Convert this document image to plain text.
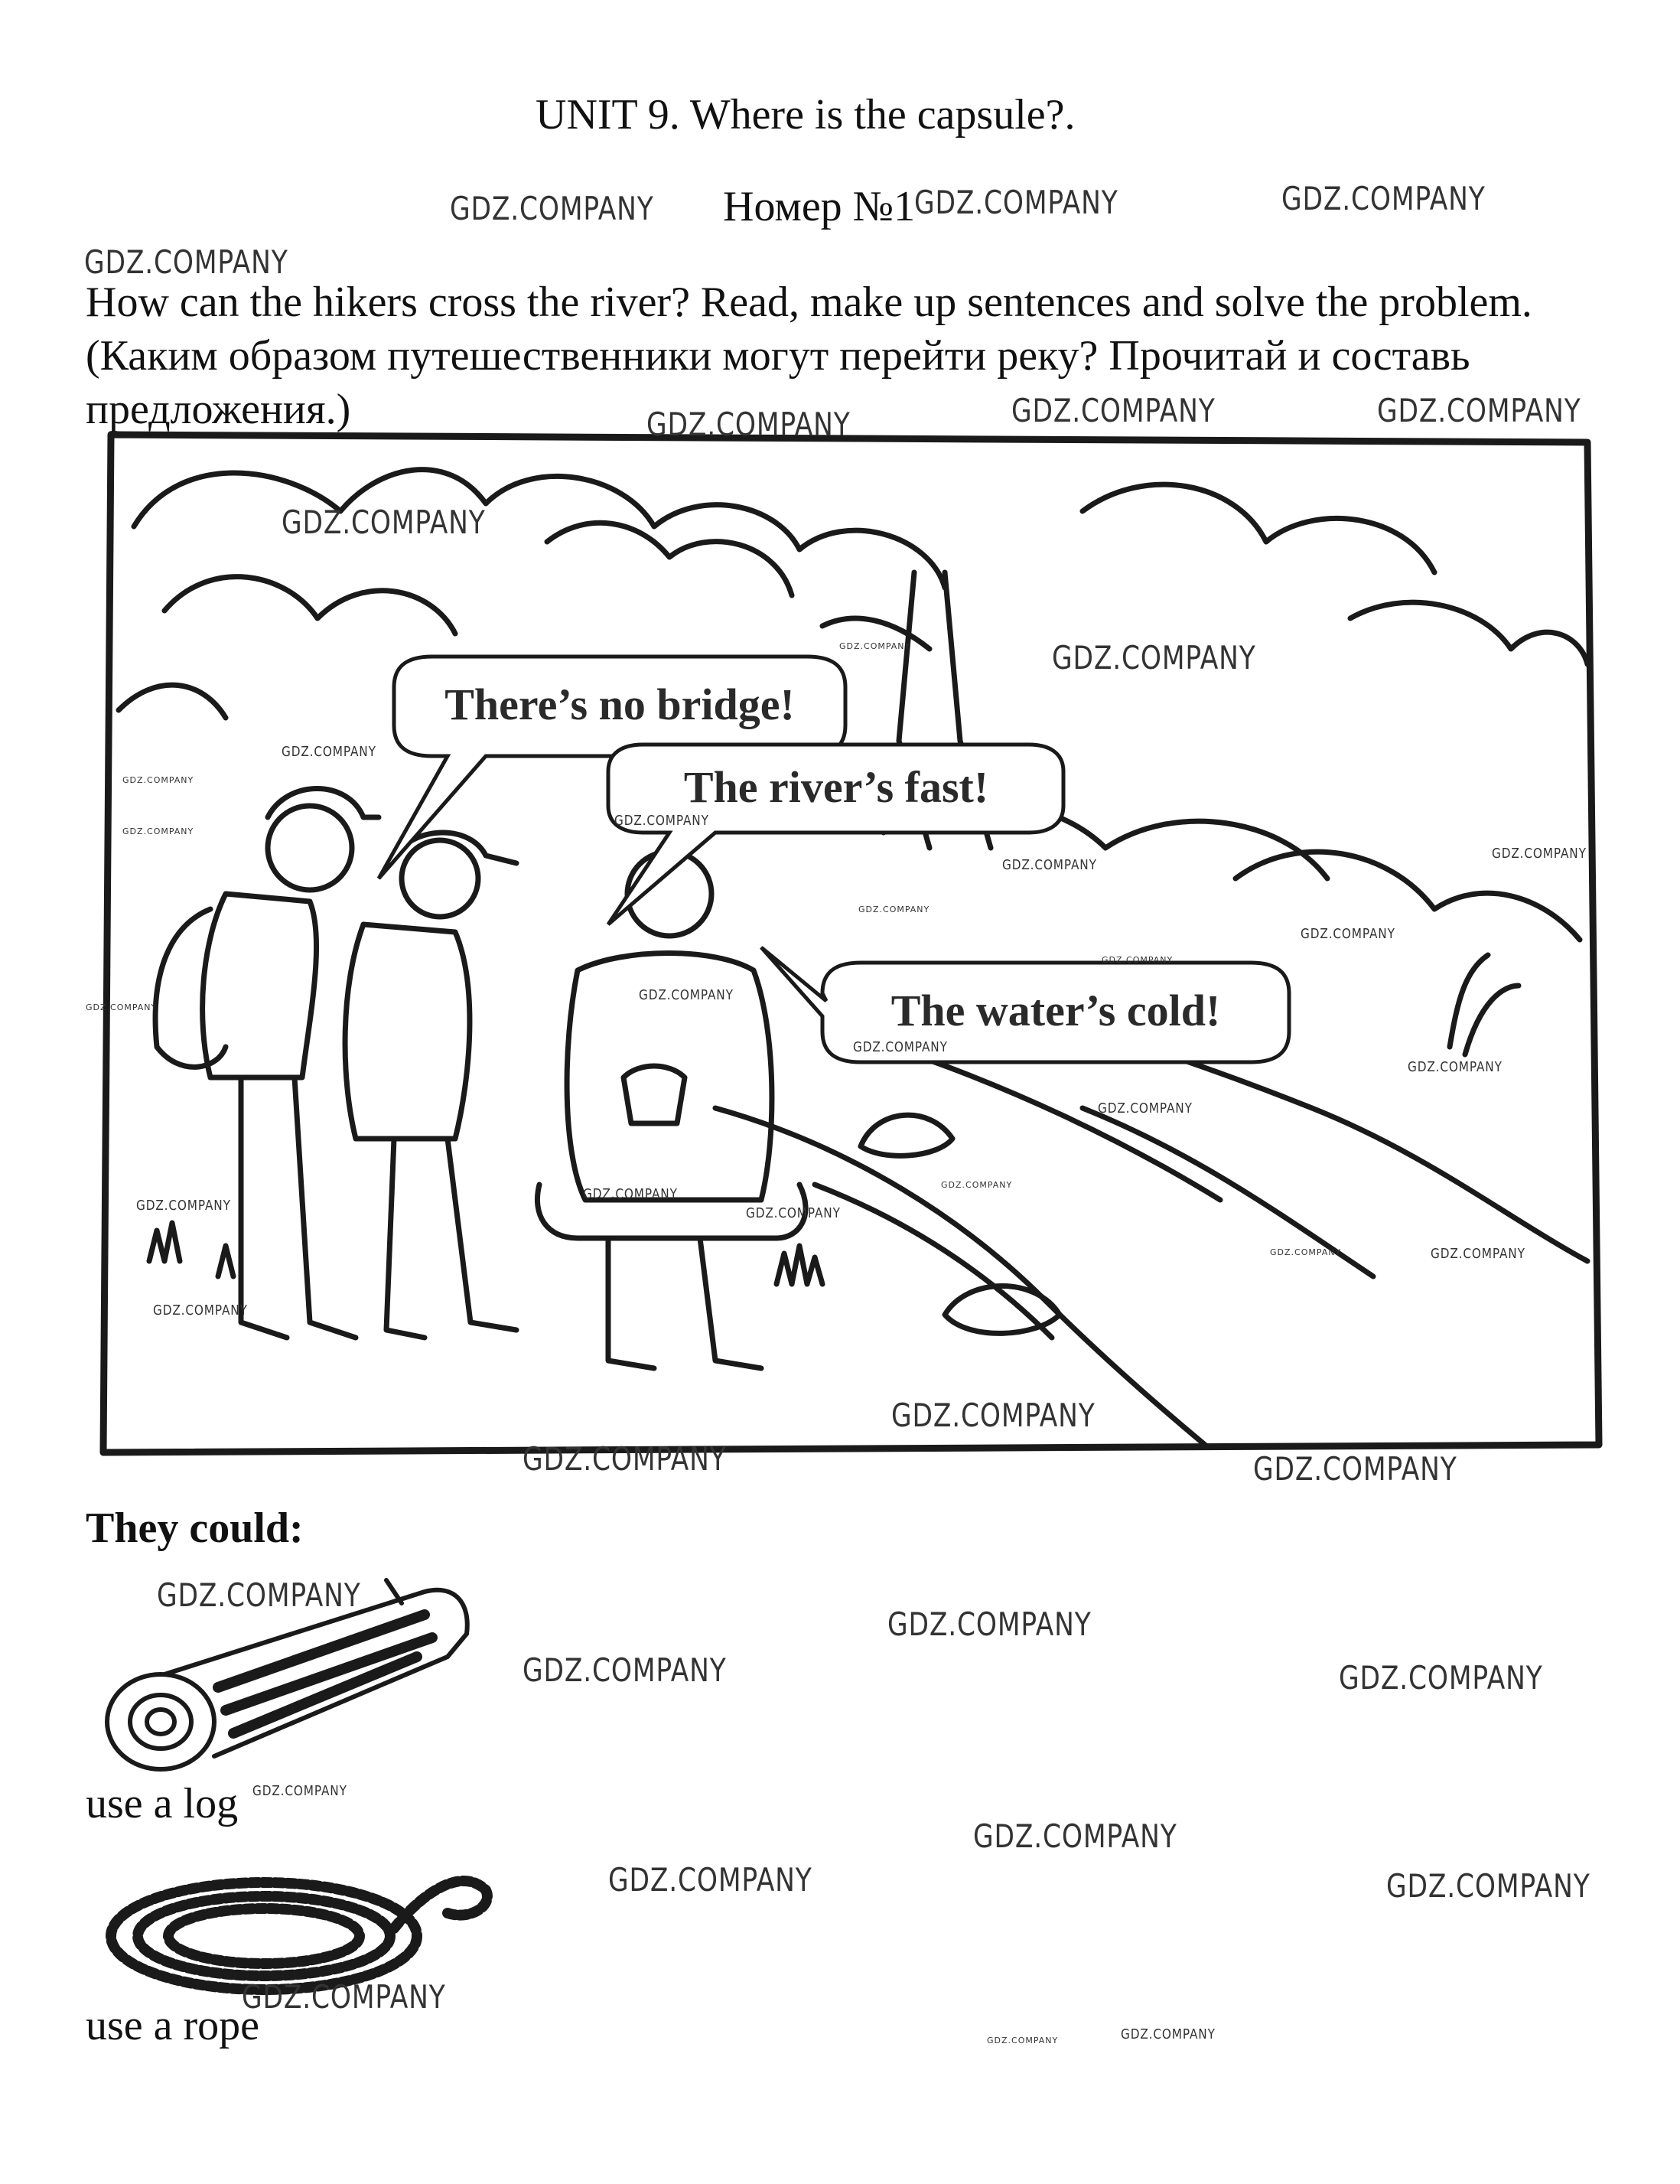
UNIT 9. Where is the capsule?.
Номер №1
How can the hikers cross the river? Read, make up sentences and solve the problem. (Каким образом путешественники могут перейти реку? Прочитай и составь предложения.)
There’s no bridge!
The river’s fast!
The water’s cold!
They could:
use a log
use a rope
GDZ.COMPANY	GDZ.COMPANY	GDZ.COMPANY
GDZ.COMPANY
GDZ.COMPANY	GDZ.COMPANY	GDZ.COMPANY
GDZ.COMPANY
GDZ.COMPANY
GDZ.COMPANY
GDZ.COMPANY	GDZ.COMPANY
GDZ.COMPANY
GDZ.COMPANY
GDZ.COMPANY	GDZ.COMPANY
GDZ.COMPANY
GDZ.COMPANY	GDZ.COMPANY
GDZ.COMPANY
GDZ.COMPANY
GDZ.COMPANY
GDZ.COMPANY
GDZ.COMPANY
GDZ.COMPANY
GDZ.COMPANY
GDZ.COMPANY
GDZ.COMPANY
GDZ.COMPANY
GDZ.COMPANY
GDZ.COMPANY
GDZ.COMPANY
GDZ.COMPANY
GDZ.COMPANY
GDZ.COMPANY
GDZ.COMPANY
GDZ.COMPANY
GDZ.COMPANY
GDZ.COMPANY
GDZ.COMPANY
GDZ.COMPANY
GDZ.COMPANY
GDZ.COMPANY
GDZ.COMPANY
GDZ.COMPANY
